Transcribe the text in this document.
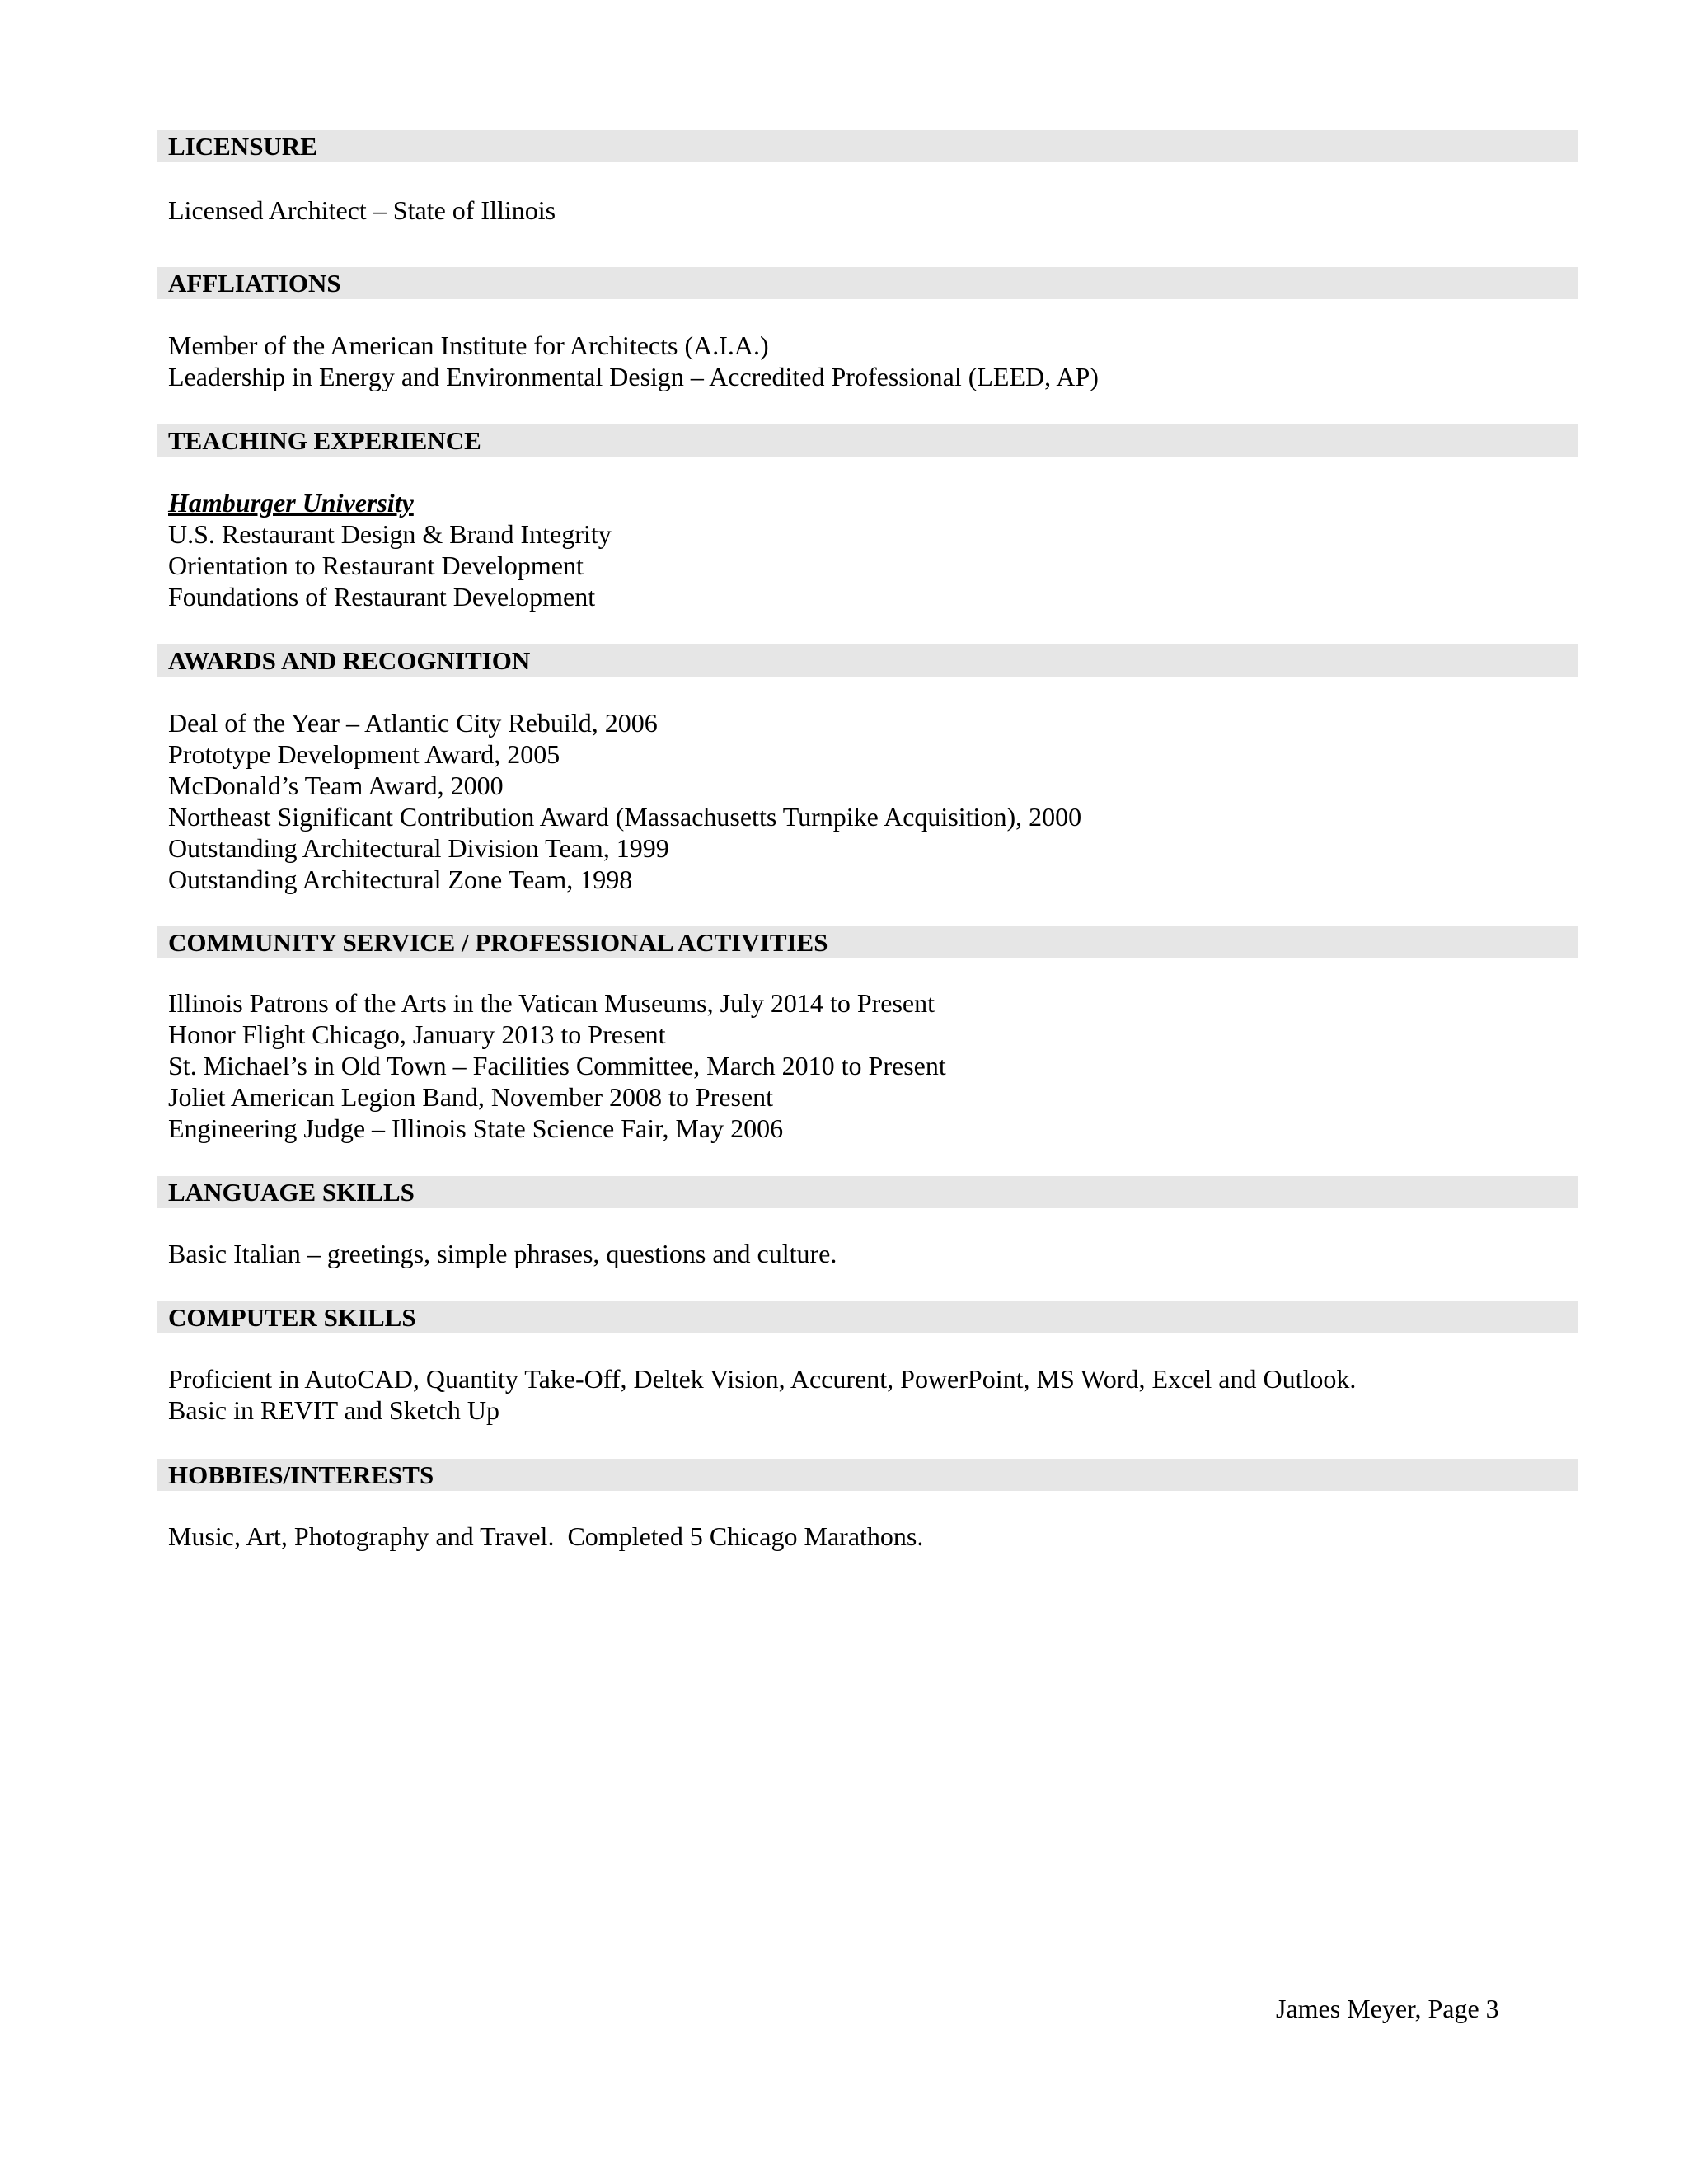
LICENSURE
Licensed Architect – State of Illinois
AFFLIATIONS
Member of the American Institute for Architects (A.I.A.)
Leadership in Energy and Environmental Design – Accredited Professional (LEED, AP)
TEACHING EXPERIENCE
Hamburger University
U.S. Restaurant Design & Brand Integrity
Orientation to Restaurant Development
Foundations of Restaurant Development
AWARDS AND RECOGNITION
Deal of the Year – Atlantic City Rebuild, 2006
Prototype Development Award, 2005
McDonald’s Team Award, 2000
Northeast Significant Contribution Award (Massachusetts Turnpike Acquisition), 2000
Outstanding Architectural Division Team, 1999
Outstanding Architectural Zone Team, 1998
COMMUNITY SERVICE / PROFESSIONAL ACTIVITIES
Illinois Patrons of the Arts in the Vatican Museums, July 2014 to Present
Honor Flight Chicago, January 2013 to Present
St. Michael’s in Old Town – Facilities Committee, March 2010 to Present
Joliet American Legion Band, November 2008 to Present
Engineering Judge – Illinois State Science Fair, May 2006
LANGUAGE SKILLS
Basic Italian – greetings, simple phrases, questions and culture.
COMPUTER SKILLS
Proficient in AutoCAD, Quantity Take-Off, Deltek Vision, Accurent, PowerPoint, MS Word, Excel and Outlook.
Basic in REVIT and Sketch Up
HOBBIES/INTERESTS
Music, Art, Photography and Travel.  Completed 5 Chicago Marathons.
James Meyer, Page 3
